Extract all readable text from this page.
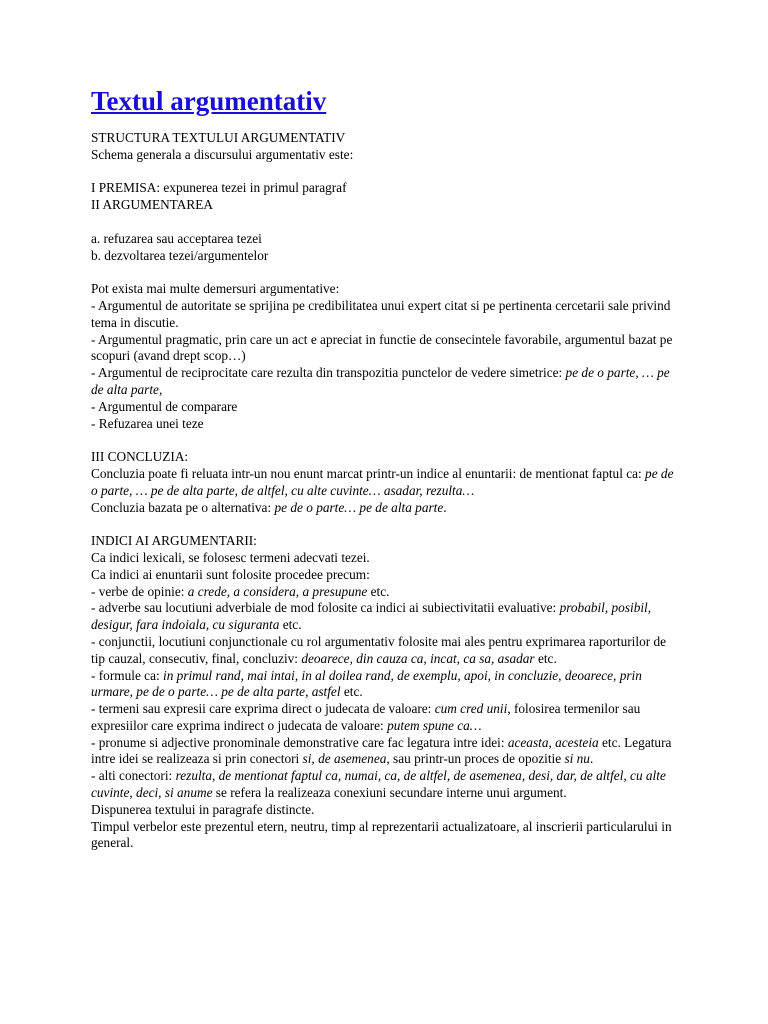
Textul argumentativ

STRUCTURA TEXTULUI ARGUMENTATIV

Schema generala a discursului argumentativ este:

I PREMISA: expunerea tezei in primul paragraf

II ARGUMENTAREA

a. refuzarea sau acceptarea tezei

b. dezvoltarea tezei/argumentelor

Pot exista mai multe demersuri argumentative:

- Argumentul de autoritate se sprijina pe credibilitatea unui expert citat si pe pertinenta cercetarii sale privind tema in discutie.

- Argumentul pragmatic, prin care un act e apreciat in functie de consecintele favorabile, argumentul bazat pe scopuri (avand drept scop…)

- Argumentul de reciprocitate care rezulta din transpozitia punctelor de vedere simetrice: pe de o parte, … pe de alta parte,

- Argumentul de comparare

- Refuzarea unei teze

III CONCLUZIA:

Concluzia poate fi reluata intr-un nou enunt marcat printr-un indice al enuntarii: de mentionat faptul ca: pe de o parte, … pe de alta parte, de altfel, cu alte cuvinte… asadar, rezulta…

Concluzia bazata pe o alternativa: pe de o parte… pe de alta parte.

INDICI AI ARGUMENTARII:

Ca indici lexicali, se folosesc termeni adecvati tezei.

Ca indici ai enuntarii sunt folosite procedee precum:

- verbe de opinie: a crede, a considera, a presupune etc.

- adverbe sau locutiuni adverbiale de mod folosite ca indici ai subiectivitatii evaluative: probabil, posibil, desigur, fara indoiala, cu siguranta etc.

- conjunctii, locutiuni conjunctionale cu rol argumentativ folosite mai ales pentru exprimarea raporturilor de tip cauzal, consecutiv, final, concluziv: deoarece, din cauza ca, incat, ca sa, asadar etc.

- formule ca: in primul rand, mai intai, in al doilea rand, de exemplu, apoi, in concluzie, deoarece, prin urmare, pe de o parte… pe de alta parte, astfel etc.

- termeni sau expresii care exprima direct o judecata de valoare: cum cred unii, folosirea termenilor sau expresiilor care exprima indirect o judecata de valoare: putem spune ca…

- pronume si adjective pronominale demonstrative care fac legatura intre idei: aceasta, acesteia etc. Legatura intre idei se realizeaza si prin conectori si, de asemenea, sau printr-un proces de opozitie si nu.

- alti conectori: rezulta, de mentionat faptul ca, numai, ca, de altfel, de asemenea, desi, dar, de altfel, cu alte cuvinte, deci, si anume se refera la realizeaza conexiuni secundare interne unui argument.

Dispunerea textului in paragrafe distincte.

Timpul verbelor este prezentul etern, neutru, timp al reprezentarii actualizatoare, al inscrierii particularului in general.
